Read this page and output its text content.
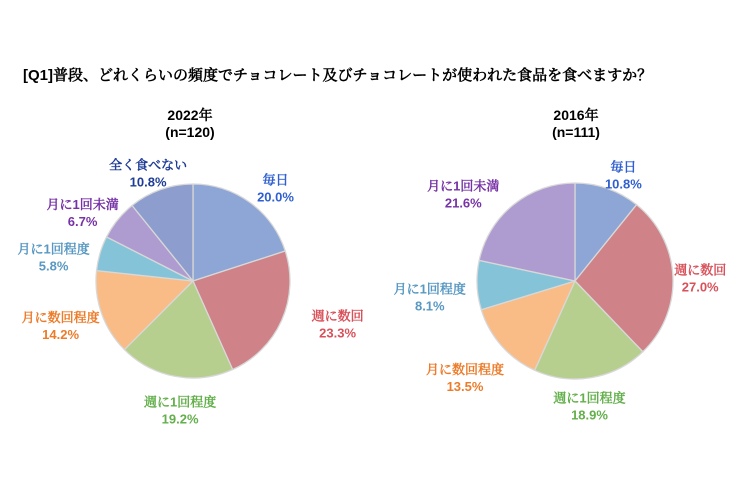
[Q1]普段、どれくらいの頻度でチョコレート及びチョコレートが使われた食品を食べますか？
2022年
(n=120)
毎日 20.0%
週に数回 23.3%
週に1回程度 19.2%
月に数回程度 14.2%
月に1回程度 5.8%
月に1回未満 6.7%
全く食べない 10.8%
2016年
(n=111)
毎日 10.8%
週に数回 27.0%
週に1回程度 18.9%
月に数回程度 13.5%
月に1回程度 8.1%
月に1回未満 21.6%
